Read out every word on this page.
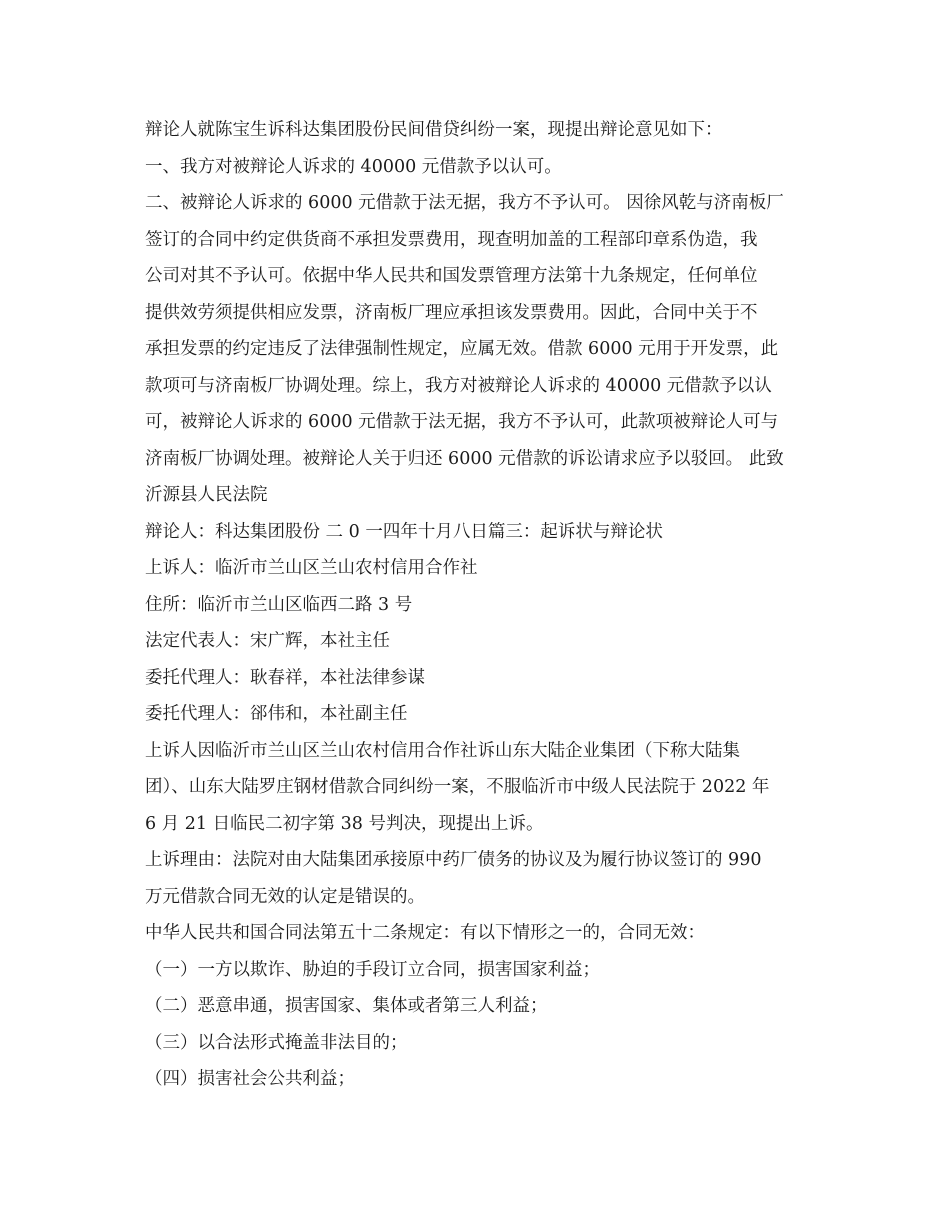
辩论人就陈宝生诉科达集团股份民间借贷纠纷一案，现提出辩论意见如下：
一、我方对被辩论人诉求的 40000 元借款予以认可。
二、被辩论人诉求的 6000 元借款于法无据，我方不予认可。 因徐风乾与济南板厂
签订的合同中约定供货商不承担发票费用，现查明加盖的工程部印章系伪造，我
公司对其不予认可。依据中华人民共和国发票管理方法第十九条规定，任何单位
提供效劳须提供相应发票，济南板厂理应承担该发票费用。因此，合同中关于不
承担发票的约定违反了法律强制性规定，应属无效。借款 6000 元用于开发票，此
款项可与济南板厂协调处理。综上，我方对被辩论人诉求的 40000 元借款予以认
可，被辩论人诉求的 6000 元借款于法无据，我方不予认可，此款项被辩论人可与
济南板厂协调处理。被辩论人关于归还 6000 元借款的诉讼请求应予以驳回。 此致
沂源县人民法院
辩论人：科达集团股份 二 0 一四年十月八日篇三：起诉状与辩论状
上诉人：临沂市兰山区兰山农村信用合作社
住所：临沂市兰山区临西二路 3 号
法定代表人：宋广辉，本社主任
委托代理人：耿春祥，本社法律参谋
委托代理人：郤伟和，本社副主任
上诉人因临沂市兰山区兰山农村信用合作社诉山东大陆企业集团（下称大陆集
团）、山东大陆罗庄钢材借款合同纠纷一案，不服临沂市中级人民法院于 2022 年
6 月 21 日临民二初字第 38 号判决，现提出上诉。
上诉理由：法院对由大陆集团承接原中药厂债务的协议及为履行协议签订的 990
万元借款合同无效的认定是错误的。
中华人民共和国合同法第五十二条规定：有以下情形之一的，合同无效：
（一）一方以欺诈、胁迫的手段订立合同，损害国家利益；
（二）恶意串通，损害国家、集体或者第三人利益；
（三）以合法形式掩盖非法目的；
（四）损害社会公共利益；
